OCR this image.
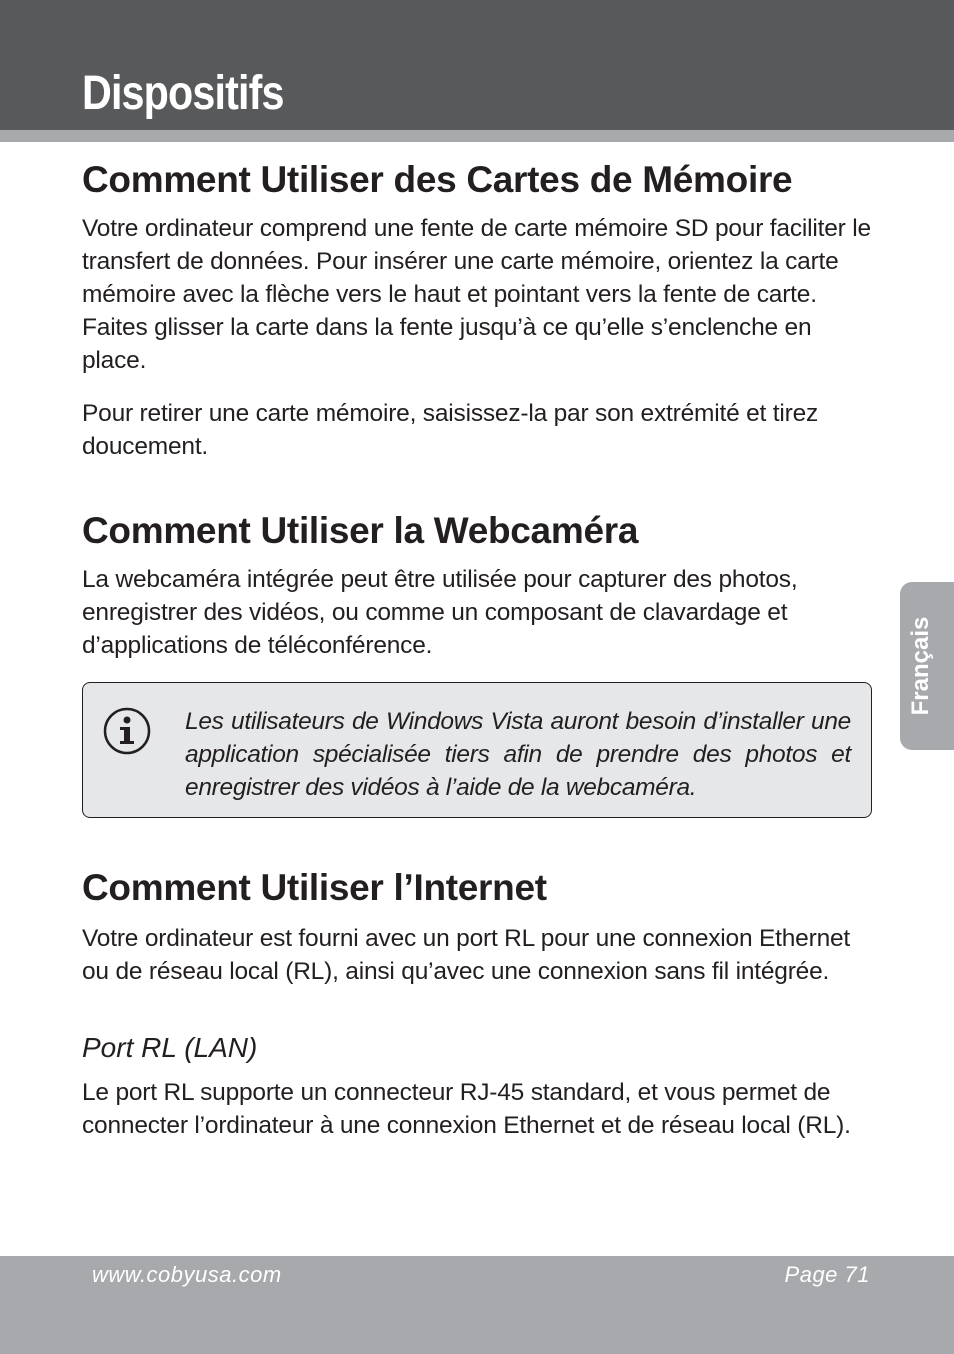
Dispositifs
Comment Utiliser des Cartes de Mémoire

Votre ordinateur comprend une fente de carte mémoire SD pour faciliter le transfert de données. Pour insérer une carte mémoire, orientez la carte mémoire avec la flèche vers le haut et pointant vers la fente de carte. Faites glisser la carte dans la fente jusqu’à ce qu’elle s’enclenche en place.

Pour retirer une carte mémoire, saisissez-la par son extrémité et tirez doucement.

Comment Utiliser la Webcaméra

La webcaméra intégrée peut être utilisée pour capturer des photos, enregistrer des vidéos, ou comme un composant de clavardage et d’applications de téléconférence.

Les utilisateurs de Windows Vista auront besoin d’installer une application spécialisée tiers afin de prendre des photos et enregistrer des vidéos à l’aide de la webcaméra.

Comment Utiliser l’Internet

Votre ordinateur est fourni avec un port RL pour une connexion Ethernet ou de réseau local (RL), ainsi qu’avec une connexion sans fil intégrée.

Port RL (LAN)

Le port RL supporte un connecteur RJ-45 standard, et vous permet de connecter l’ordinateur à une connexion Ethernet et de réseau local (RL).

Français
www.cobyusa.com	Page 71
